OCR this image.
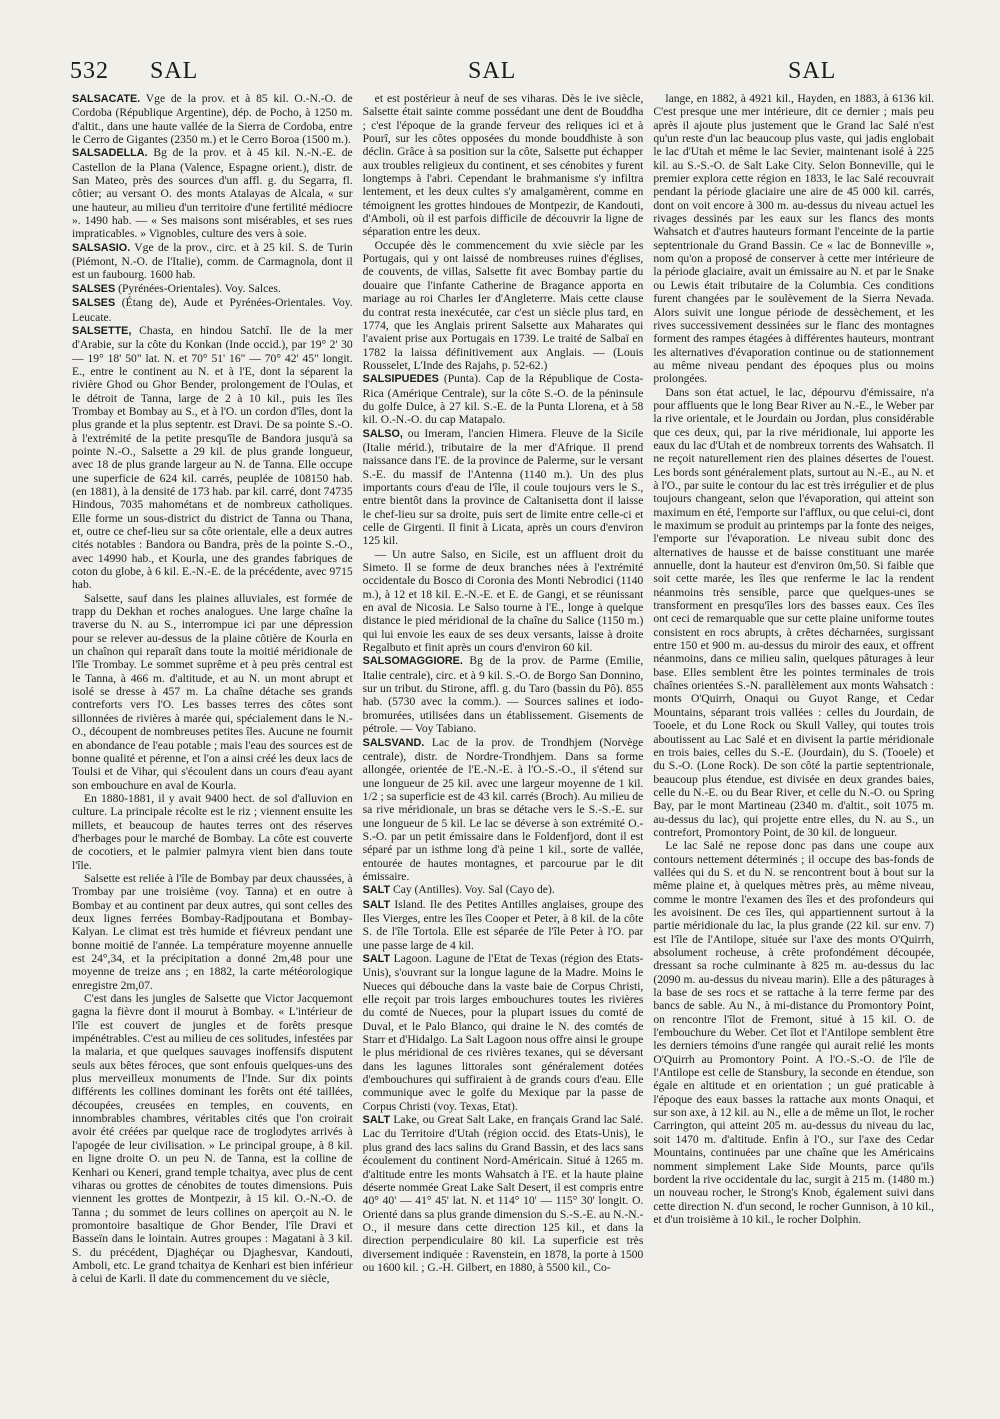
532 SAL	SAL	SAL

SALSACATE. Vge de la prov. et à 85 kil. O.-N.-O. de Cordoba (République Argentine), dép. de Pocho, à 1250 m. d'altit., dans une haute vallée de la Sierra de Cordoba, entre le Cerro de Gigantes (2350 m.) et le Cerro Boroa (1500 m.).

SALSADELLA. Bg de la prov. et à 45 kil. N.-N.-E. de Castellon de la Plana (Valence, Espagne orient.), distr. de San Mateo, près des sources d'un affl. g. du Segarra, fl. côtier; au versant O. des monts Atalayas de Alcala, « sur une hauteur, au milieu d'un territoire d'une fertilité médiocre ». 1490 hab. — « Ses maisons sont misérables, et ses rues impraticables. » Vignobles, culture des vers à soie.

SALSASIO. Vge de la prov., circ. et à 25 kil. S. de Turin (Piémont, N.-O. de l'Italie), comm. de Carmagnola, dont il est un faubourg. 1600 hab.

SALSES (Pyrénées-Orientales). Voy. Salces.

SALSES (Étang de), Aude et Pyrénées-Orientales. Voy. Leucate.

SALSETTE, Chasta, en hindou Satchî. Ile de la mer d'Arabie, sur la côte du Konkan (Inde occid.), par 19° 2' 30 — 19° 18' 50" lat. N. et 70° 51' 16" — 70° 42' 45" longit. E., entre le continent au N. et à l'E, dont la séparent la rivière Ghod ou Ghor Bender, prolongement de l'Oulas, et le détroit de Tanna, large de 2 à 10 kil., puis les îles Trombay et Bombay au S., et à l'O. un cordon d'îles, dont la plus grande et la plus septentr. est Dravi. De sa pointe S.-O. à l'extrémité de la petite presqu'île de Bandora jusqu'à sa pointe N.-O., Salsette a 29 kil. de plus grande longueur, avec 18 de plus grande largeur au N. de Tanna. Elle occupe une superficie de 624 kil. carrés, peuplée de 108150 hab. (en 1881), à la densité de 173 hab. par kil. carré, dont 74735 Hindous, 7035 mahométans et de nombreux catholiques. Elle forme un sous-district du district de Tanna ou Thana, et, outre ce chef-lieu sur sa côte orientale, elle a deux autres cités notables : Bandora ou Bandra, près de la pointe S.-O., avec 14990 hab., et Kourla, une des grandes fabriques de coton du globe, à 6 kil. E.-N.-E. de la précédente, avec 9715 hab.

Salsette, sauf dans les plaines alluviales, est formée de trapp du Dekhan et roches analogues. Une large chaîne la traverse du N. au S., interrompue ici par une dépression pour se relever au-dessus de la plaine côtière de Kourla en un chaînon qui reparaît dans toute la moitié méridionale de l'île Trombay. Le sommet suprême et à peu près central est le Tanna, à 466 m. d'altitude, et au N. un mont abrupt et isolé se dresse à 457 m. La chaîne détache ses grands contreforts vers l'O. Les basses terres des côtes sont sillonnées de rivières à marée qui, spécialement dans le N.-O., découpent de nombreuses petites îles. Aucune ne fournit en abondance de l'eau potable ; mais l'eau des sources est de bonne qualité et pérenne, et l'on a ainsi créé les deux lacs de Toulsi et de Vihar, qui s'écoulent dans un cours d'eau ayant son embouchure en aval de Kourla.

En 1880-1881, il y avait 9400 hect. de sol d'alluvion en culture. La principale récolte est le riz ; viennent ensuite les millets, et beaucoup de hautes terres ont des réserves d'herbages pour le marché de Bombay. La côte est couverte de cocotiers, et le palmier palmyra vient bien dans toute l'île.

Salsette est reliée à l'île de Bombay par deux chaussées, à Trombay par une troisième (voy. Tanna) et en outre à Bombay et au continent par deux autres, qui sont celles des deux lignes ferrées Bombay-Radjpoutana et Bombay-Kalyan. Le climat est très humide et fiévreux pendant une bonne moitié de l'année. La température moyenne annuelle est 24°,34, et la précipitation a donné 2m,48 pour une moyenne de treize ans ; en 1882, la carte météorologique enregistre 2m,07.

C'est dans les jungles de Salsette que Victor Jacquemont gagna la fièvre dont il mourut à Bombay. « L'intérieur de l'île est couvert de jungles et de forêts presque impénétrables. C'est au milieu de ces solitudes, infestées par la malaria, et que quelques sauvages inoffensifs disputent seuls aux bêtes féroces, que sont enfouis quelques-uns des plus merveilleux monuments de l'Inde. Sur dix points différents les collines dominant les forêts ont été taillées, découpées, creusées en temples, en couvents, en innombrables chambres, véritables cités que l'on croirait avoir été créées par quelque race de troglodytes arrivés à l'apogée de leur civilisation. » Le principal groupe, à 8 kil. en ligne droite O. un peu N. de Tanna, est la colline de Kenhari ou Keneri, grand temple tchaitya, avec plus de cent viharas ou grottes de cénobites de toutes dimensions. Puis viennent les grottes de Montpezir, à 15 kil. O.-N.-O. de Tanna ; du sommet de leurs collines on aperçoit au N. le promontoire basaltique de Ghor Bender, l'île Dravi et Basseïn dans le lointain. Autres groupes : Magatani à 3 kil. S. du précédent, Djaghéçar ou Djaghesvar, Kandouti, Amboli, etc. Le grand tchaitya de Kenhari est bien inférieur à celui de Karli. Il date du commencement du ve siècle,

et est postérieur à neuf de ses viharas. Dès le ive siècle, Salsette était sainte comme possédant une dent de Bouddha ; c'est l'époque de la grande ferveur des reliques ici et à Pourî, sur les côtes opposées du monde bouddhiste à son déclin. Grâce à sa position sur la côte, Salsette put échapper aux troubles religieux du continent, et ses cénobites y furent longtemps à l'abri. Cependant le brahmanisme s'y infiltra lentement, et les deux cultes s'y amalgamèrent, comme en témoignent les grottes hindoues de Montpezir, de Kandouti, d'Amboli, où il est parfois difficile de découvrir la ligne de séparation entre les deux.

Occupée dès le commencement du xvie siècle par les Portugais, qui y ont laissé de nombreuses ruines d'églises, de couvents, de villas, Salsette fit avec Bombay partie du douaire que l'infante Catherine de Bragance apporta en mariage au roi Charles Ier d'Angleterre. Mais cette clause du contrat resta inexécutée, car c'est un siècle plus tard, en 1774, que les Anglais prirent Salsette aux Maharates qui l'avaient prise aux Portugais en 1739. Le traité de Salbaï en 1782 la laissa définitivement aux Anglais. — (Louis Rousselet, L'Inde des Rajahs, p. 52-62.)

SALSIPUEDES (Punta). Cap de la République de Costa-Rica (Amérique Centrale), sur la côte S.-O. de la péninsule du golfe Dulce, à 27 kil. S.-E. de la Punta Llorena, et à 58 kil. O.-N.-O. du cap Matapalo.

SALSO, ou Imeram, l'ancien Himera. Fleuve de la Sicile (Italie mérid.), tributaire de la mer d'Afrique. Il prend naissance dans l'E. de la province de Palerme, sur le versant S.-E. du massif de l'Antenna (1140 m.). Un des plus importants cours d'eau de l'île, il coule toujours vers le S., entre bientôt dans la province de Caltanisetta dont il laisse le chef-lieu sur sa droite, puis sert de limite entre celle-ci et celle de Girgenti. Il finit à Licata, après un cours d'environ 125 kil.

— Un autre Salso, en Sicile, est un affluent droit du Simeto. Il se forme de deux branches nées à l'extrémité occidentale du Bosco di Coronia des Monti Nebrodici (1140 m.), à 12 et 18 kil. E.-N.-E. et E. de Gangi, et se réunissant en aval de Nicosia. Le Salso tourne à l'E., longe à quelque distance le pied méridional de la chaîne du Salice (1150 m.) qui lui envoie les eaux de ses deux versants, laisse à droite Regalbuto et finit après un cours d'environ 60 kil.

SALSOMAGGIORE. Bg de la prov. de Parme (Emilie, Italie centrale), circ. et à 9 kil. S.-O. de Borgo San Donnino, sur un tribut. du Stirone, affl. g. du Taro (bassin du Pô). 855 hab. (5730 avec la comm.). — Sources salines et iodo-bromurées, utilisées dans un établissement. Gisements de pétrole. — Voy Tabiano.

SALSVAND. Lac de la prov. de Trondhjem (Norvège centrale), distr. de Nordre-Trondhjem. Dans sa forme allongée, orientée de l'E.-N.-E. à l'O.-S.-O., il s'étend sur une longueur de 25 kil. avec une largeur moyenne de 1 kil. 1/2 ; sa superficie est de 43 kil. carrés (Broch). Au milieu de sa rive méridionale, un bras se détache vers le S.-S.-E. sur une longueur de 5 kil. Le lac se déverse à son extrémité O.-S.-O. par un petit émissaire dans le Foldenfjord, dont il est séparé par un isthme long d'à peine 1 kil., sorte de vallée, entourée de hautes montagnes, et parcourue par le dit émissaire.

SALT Cay (Antilles). Voy. Sal (Cayo de).

SALT Island. Ile des Petites Antilles anglaises, groupe des Iles Vierges, entre les îles Cooper et Peter, à 8 kil. de la côte S. de l'île Tortola. Elle est séparée de l'île Peter à l'O. par une passe large de 4 kil.

SALT Lagoon. Lagune de l'Etat de Texas (région des Etats-Unis), s'ouvrant sur la longue lagune de la Madre. Moins le Nueces qui débouche dans la vaste baie de Corpus Christi, elle reçoit par trois larges embouchures toutes les rivières du comté de Nueces, pour la plupart issues du comté de Duval, et le Palo Blanco, qui draine le N. des comtés de Starr et d'Hidalgo. La Salt Lagoon nous offre ainsi le groupe le plus méridional de ces rivières texanes, qui se déversant dans les lagunes littorales sont généralement dotées d'embouchures qui suffiraient à de grands cours d'eau. Elle communique avec le golfe du Mexique par la passe de Corpus Christi (voy. Texas, Etat).

SALT Lake, ou Great Salt Lake, en français Grand lac Salé. Lac du Territoire d'Utah (région occid. des Etats-Unis), le plus grand des lacs salins du Grand Bassin, et des lacs sans écoulement du continent Nord-Américain. Situé à 1265 m. d'altitude entre les monts Wahsatch à l'E. et la haute plaine déserte nommée Great Lake Salt Desert, il est compris entre 40° 40' — 41° 45' lat. N. et 114° 10' — 115° 30' longit. O. Orienté dans sa plus grande dimension du S.-S.-E. au N.-N.-O., il mesure dans cette direction 125 kil., et dans la direction perpendiculaire 80 kil. La superficie est très diversement indiquée : Ravenstein, en 1878, la porte à 1500 ou 1600 kil. ; G.-H. Gilbert, en 1880, à 5500 kil., Co-

lange, en 1882, à 4921 kil., Hayden, en 1883, à 6136 kil. C'est presque une mer intérieure, dit ce dernier ; mais peu après il ajoute plus justement que le Grand lac Salé n'est qu'un reste d'un lac beaucoup plus vaste, qui jadis englobait le lac d'Utah et même le lac Sevier, maintenant isolé à 225 kil. au S.-S.-O. de Salt Lake City. Selon Bonneville, qui le premier explora cette région en 1833, le lac Salé recouvrait pendant la période glaciaire une aire de 45 000 kil. carrés, dont on voit encore à 300 m. au-dessus du niveau actuel les rivages dessinés par les eaux sur les flancs des monts Wahsatch et d'autres hauteurs formant l'enceinte de la partie septentrionale du Grand Bassin. Ce « lac de Bonneville », nom qu'on a proposé de conserver à cette mer intérieure de la période glaciaire, avait un émissaire au N. et par le Snake ou Lewis était tributaire de la Columbia. Ces conditions furent changées par le soulèvement de la Sierra Nevada. Alors suivit une longue période de dessèchement, et les rives successivement dessinées sur le flanc des montagnes forment des rampes étagées à différentes hauteurs, montrant les alternatives d'évaporation continue ou de stationnement au même niveau pendant des époques plus ou moins prolongées.

Dans son état actuel, le lac, dépourvu d'émissaire, n'a pour affluents que le long Bear River au N.-E., le Weber par la rive orientale, et le Jourdain ou Jordan, plus considérable que ces deux, qui, par la rive méridionale, lui apporte les eaux du lac d'Utah et de nombreux torrents des Wahsatch. Il ne reçoit naturellement rien des plaines désertes de l'ouest. Les bords sont généralement plats, surtout au N.-E., au N. et à l'O., par suite le contour du lac est très irrégulier et de plus toujours changeant, selon que l'évaporation, qui atteint son maximum en été, l'emporte sur l'afflux, ou que celui-ci, dont le maximum se produit au printemps par la fonte des neiges, l'emporte sur l'évaporation. Le niveau subit donc des alternatives de hausse et de baisse constituant une marée annuelle, dont la hauteur est d'environ 0m,50. Si faible que soit cette marée, les îles que renferme le lac la rendent néanmoins très sensible, parce que quelques-unes se transforment en presqu'îles lors des basses eaux. Ces îles ont ceci de remarquable que sur cette plaine uniforme toutes consistent en rocs abrupts, à crêtes décharnées, surgissant entre 150 et 900 m. au-dessus du miroir des eaux, et offrent néanmoins, dans ce milieu salin, quelques pâturages à leur base. Elles semblent être les pointes terminales de trois chaînes orientées S.-N. parallèlement aux monts Wahsatch : monts O'Quirrh, Onaqui ou Guyot Range, et Cedar Mountains, séparant trois vallées : celles du Jourdain, de Tooele, et du Lone Rock ou Skull Valley, qui toutes trois aboutissent au Lac Salé et en divisent la partie méridionale en trois baies, celles du S.-E. (Jourdain), du S. (Tooele) et du S.-O. (Lone Rock). De son côté la partie septentrionale, beaucoup plus étendue, est divisée en deux grandes baies, celle du N.-E. ou du Bear River, et celle du N.-O. ou Spring Bay, par le mont Martineau (2340 m. d'altit., soit 1075 m. au-dessus du lac), qui projette entre elles, du N. au S., un contrefort, Promontory Point, de 30 kil. de longueur.

Le lac Salé ne repose donc pas dans une coupe aux contours nettement déterminés ; il occupe des bas-fonds de vallées qui du S. et du N. se rencontrent bout à bout sur la même plaine et, à quelques mètres près, au même niveau, comme le montre l'examen des îles et des profondeurs qui les avoisinent. De ces îles, qui appartiennent surtout à la partie méridionale du lac, la plus grande (22 kil. sur env. 7) est l'île de l'Antilope, située sur l'axe des monts O'Quirrh, absolument rocheuse, à crête profondément découpée, dressant sa roche culminante à 825 m. au-dessus du lac (2090 m. au-dessus du niveau marin). Elle a des pâturages à la base de ses rocs et se rattache à la terre ferme par des bancs de sable. Au N., à mi-distance du Promontory Point, on rencontre l'îlot de Fremont, situé à 15 kil. O. de l'embouchure du Weber. Cet îlot et l'Antilope semblent être les derniers témoins d'une rangée qui aurait relié les monts O'Quirrh au Promontory Point. A l'O.-S.-O. de l'île de l'Antilope est celle de Stansbury, la seconde en étendue, son égale en altitude et en orientation ; un gué praticable à l'époque des eaux basses la rattache aux monts Onaqui, et sur son axe, à 12 kil. au N., elle a de même un îlot, le rocher Carrington, qui atteint 205 m. au-dessus du niveau du lac, soit 1470 m. d'altitude. Enfin à l'O., sur l'axe des Cedar Mountains, continuées par une chaîne que les Américains nomment simplement Lake Side Mounts, parce qu'ils bordent la rive occidentale du lac, surgit à 215 m. (1480 m.) un nouveau rocher, le Strong's Knob, également suivi dans cette direction N. d'un second, le rocher Gunnison, à 10 kil., et d'un troisième à 10 kil., le rocher Dolphin.
